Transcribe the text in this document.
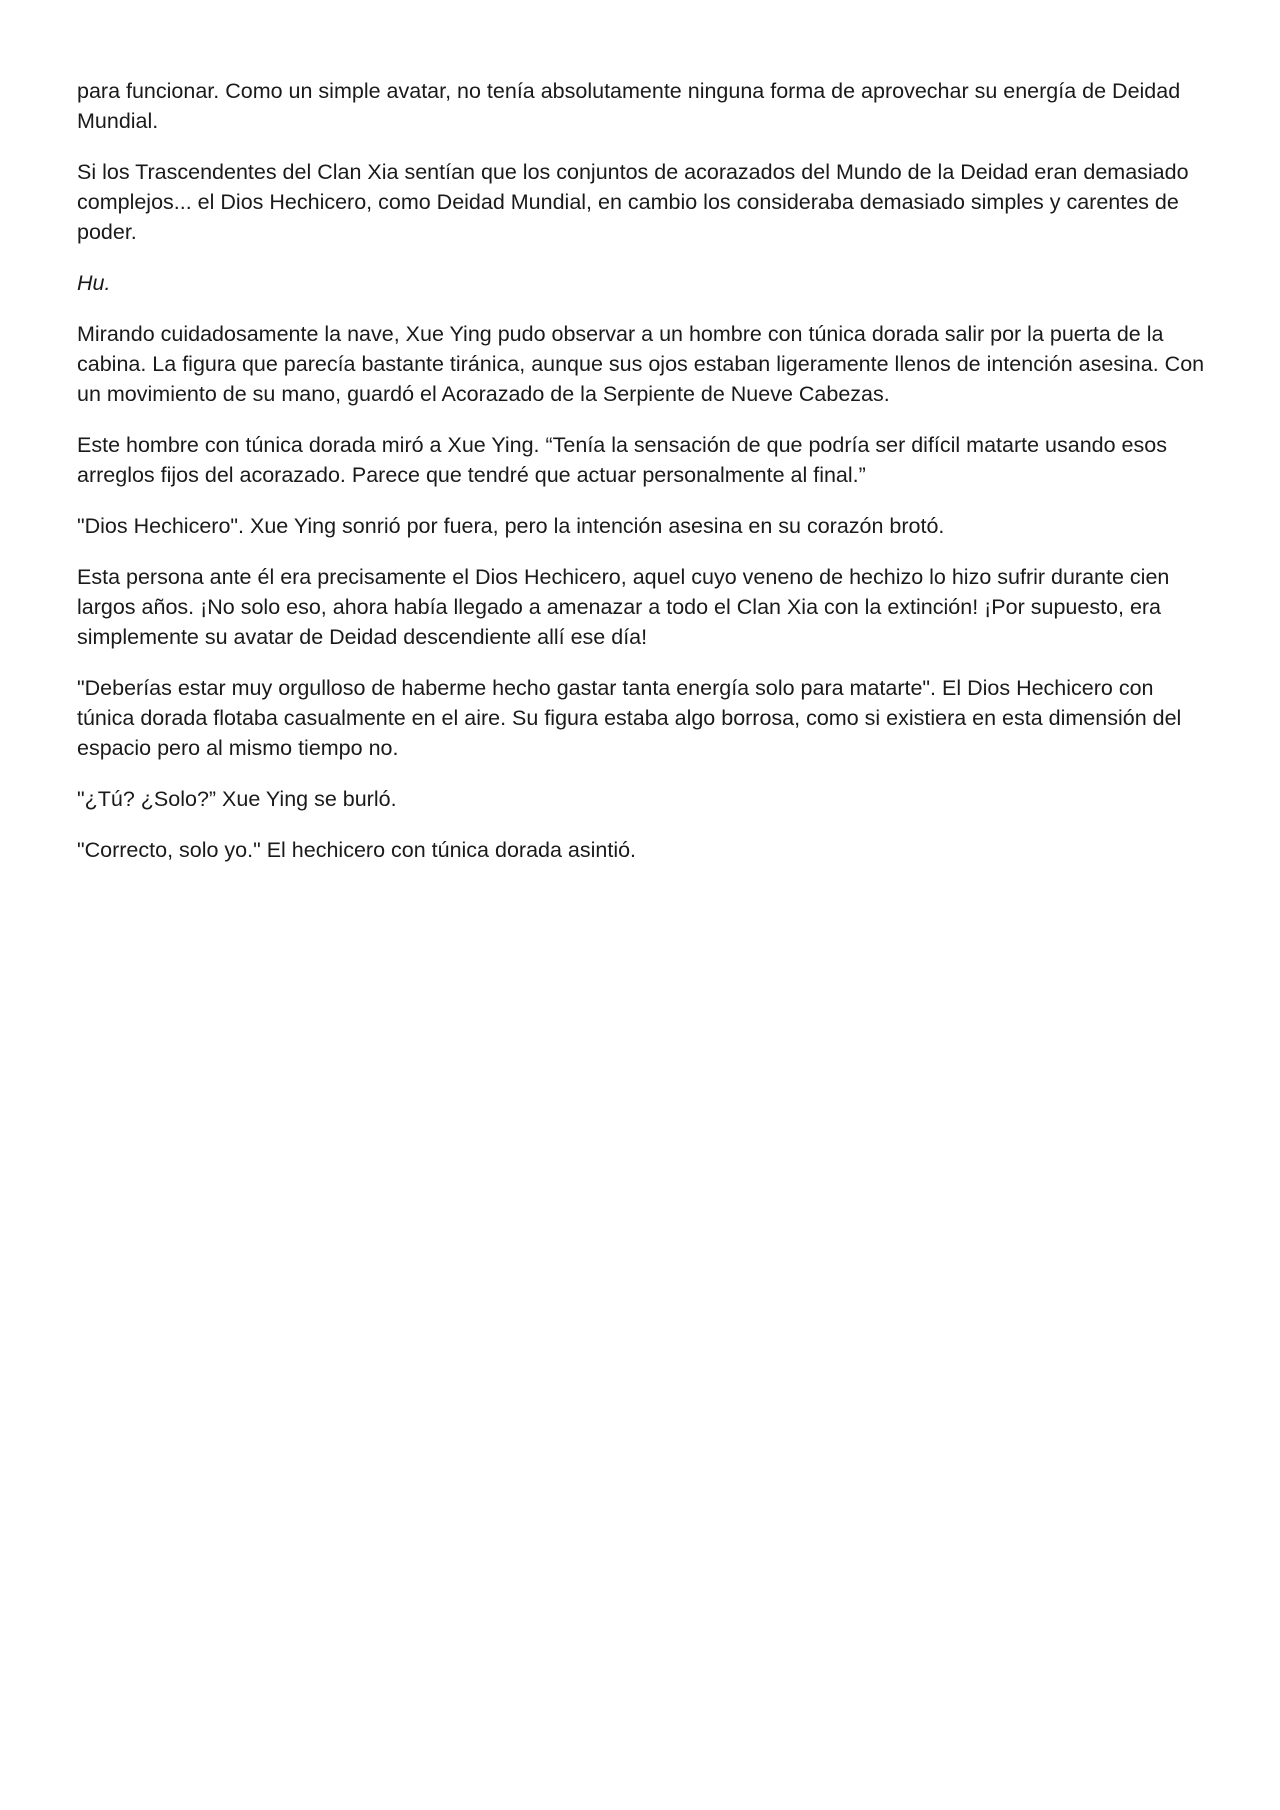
para funcionar. Como un simple avatar, no tenía absolutamente ninguna forma de aprovechar su energía de Deidad Mundial.

Si los Trascendentes del Clan Xia sentían que los conjuntos de acorazados del Mundo de la Deidad eran demasiado complejos... el Dios Hechicero, como Deidad Mundial, en cambio los consideraba demasiado simples y carentes de poder.

Hu.

Mirando cuidadosamente la nave, Xue Ying pudo observar a un hombre con túnica dorada salir por la puerta de la cabina. La figura que parecía bastante tiránica, aunque sus ojos estaban ligeramente llenos de intención asesina. Con un movimiento de su mano, guardó el Acorazado de la Serpiente de Nueve Cabezas.

Este hombre con túnica dorada miró a Xue Ying. “Tenía la sensación de que podría ser difícil matarte usando esos arreglos fijos del acorazado. Parece que tendré que actuar personalmente al final.”

"Dios Hechicero". Xue Ying sonrió por fuera, pero la intención asesina en su corazón brotó.

Esta persona ante él era precisamente el Dios Hechicero, aquel cuyo veneno de hechizo lo hizo sufrir durante cien largos años. ¡No solo eso, ahora había llegado a amenazar a todo el Clan Xia con la extinción! ¡Por supuesto, era simplemente su avatar de Deidad descendiente allí ese día!

"Deberías estar muy orgulloso de haberme hecho gastar tanta energía solo para matarte". El Dios Hechicero con túnica dorada flotaba casualmente en el aire. Su figura estaba algo borrosa, como si existiera en esta dimensión del espacio pero al mismo tiempo no.

"¿Tú? ¿Solo?” Xue Ying se burló.

"Correcto, solo yo." El hechicero con túnica dorada asintió.
